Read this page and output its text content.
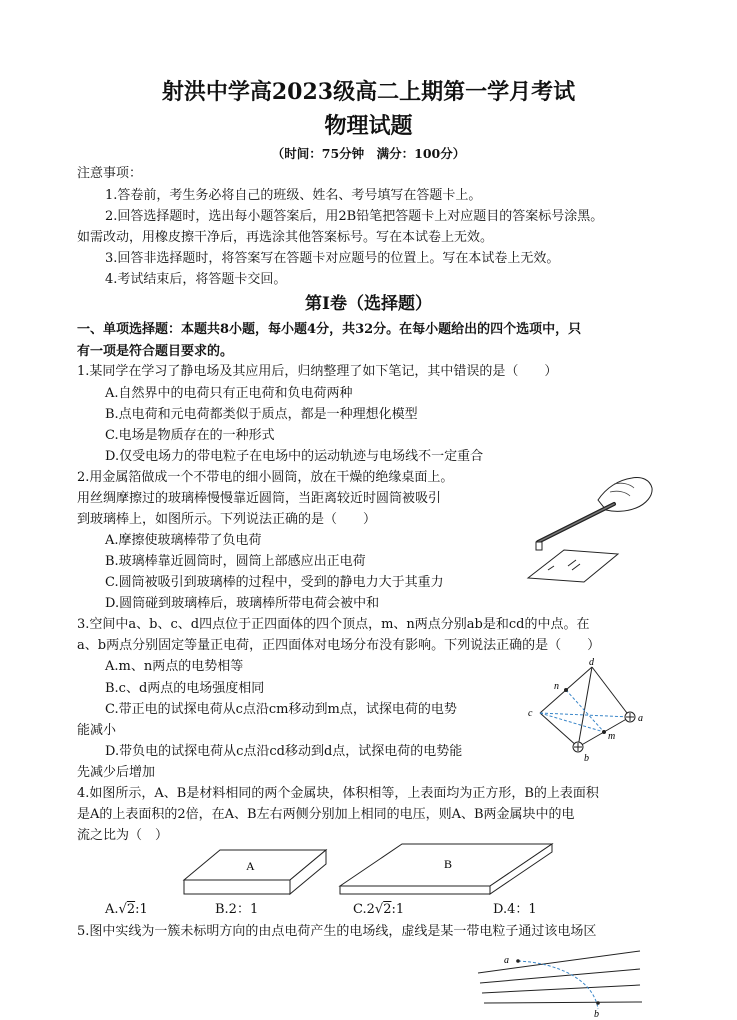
射洪中学高2023级高二上期第一学月考试
物理试题
（时间：75分钟　满分：100分）
注意事项：
1.答卷前，考生务必将自己的班级、姓名、考号填写在答题卡上。
2.回答选择题时，选出每小题答案后，用2B铅笔把答题卡上对应题目的答案标号涂黑。
如需改动，用橡皮擦干净后，再选涂其他答案标号。写在本试卷上无效。
3.回答非选择题时，将答案写在答题卡对应题号的位置上。写在本试卷上无效。
4.考试结束后，将答题卡交回。
第Ⅰ卷（选择题）
一、单项选择题：本题共8小题，每小题4分，共32分。在每小题给出的四个选项中，只
有一项是符合题目要求的。
1.某同学在学习了静电场及其应用后，归纳整理了如下笔记，其中错误的是（　　）
A.自然界中的电荷只有正电荷和负电荷两种
B.点电荷和元电荷都类似于质点，都是一种理想化模型
C.电场是物质存在的一种形式
D.仅受电场力的带电粒子在电场中的运动轨迹与电场线不一定重合
2.用金属箔做成一个不带电的细小圆筒，放在干燥的绝缘桌面上。
用丝绸摩擦过的玻璃棒慢慢靠近圆筒，当距离较近时圆筒被吸引
到玻璃棒上，如图所示。下列说法正确的是（　　）
A.摩擦使玻璃棒带了负电荷
B.玻璃棒靠近圆筒时，圆筒上部感应出正电荷
C.圆筒被吸引到玻璃棒的过程中，受到的静电力大于其重力
D.圆筒碰到玻璃棒后，玻璃棒所带电荷会被中和
3.空间中a、b、c、d四点位于正四面体的四个顶点，m、n两点分别ab是和cd的中点。在
a、b两点分别固定等量正电荷，正四面体对电场分布没有影响。下列说法正确的是（　　）
A.m、n两点的电势相等
B.c、d两点的电场强度相同
C.带正电的试探电荷从c点沿cm移动到m点，试探电荷的电势
能减小
D.带负电的试探电荷从c点沿cd移动到d点，试探电荷的电势能
先减少后增加
d
c	a
b
m
n
4.如图所示，A、B是材料相同的两个金属块，体积相等，上表面均为正方形，B的上表面积
是A的上表面积的2倍，在A、B左右两侧分别加上相同的电压，则A、B两金属块中的电
流之比为（　）
A	B
A.√2:1	B.2：1	C.2√2:1	D.4：1
5.图中实线为一簇未标明方向的由点电荷产生的电场线，虚线是某一带电粒子通过该电场区
a
b
